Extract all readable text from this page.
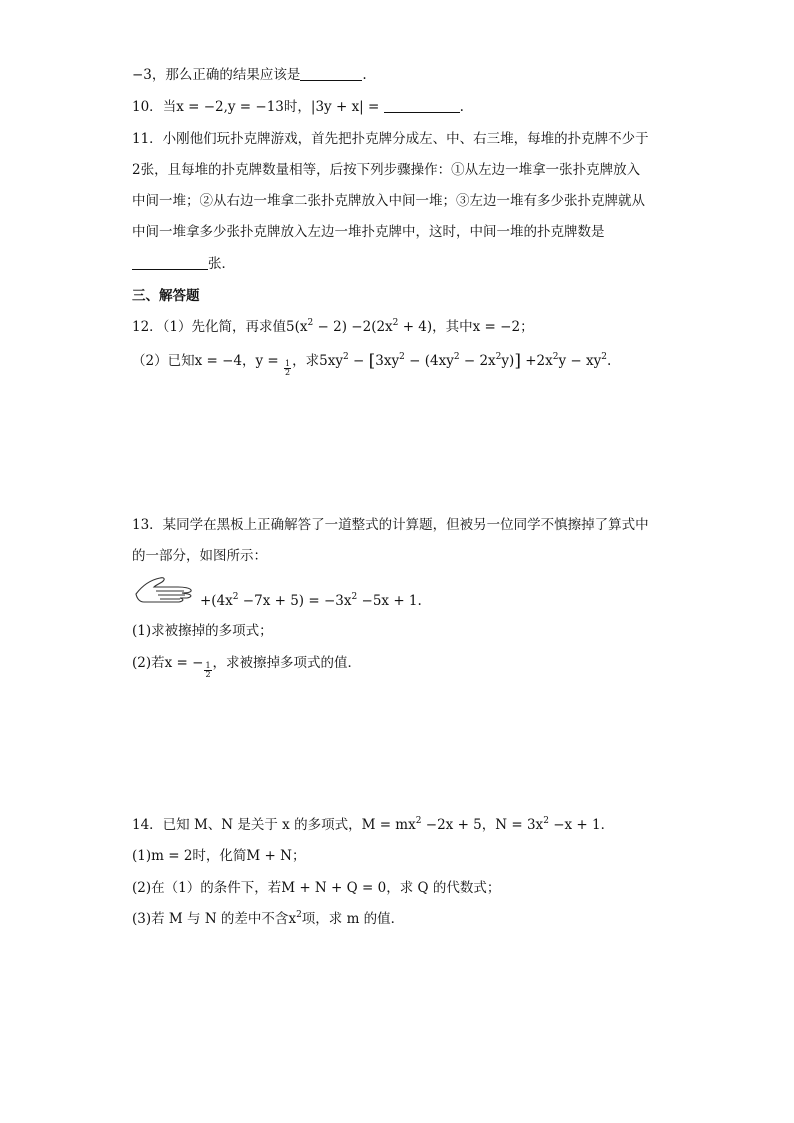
−3，那么正确的结果应该是	.
10．当x = −2,y = −13时，|3y + x| =	.
11．小刚他们玩扑克牌游戏，首先把扑克牌分成左、中、右三堆，每堆的扑克牌不少于
2张，且每堆的扑克牌数量相等，后按下列步骤操作：①从左边一堆拿一张扑克牌放入
中间一堆；②从右边一堆拿二张扑克牌放入中间一堆；③左边一堆有多少张扑克牌就从
中间一堆拿多少张扑克牌放入左边一堆扑克牌中，这时，中间一堆的扑克牌数是
张．
三、解答题
12．（1）先化简，再求值$5(x^2 - 2) -2(2x^2 + 4)$，其中x = −2；
（2）已知x = −4，$y = \frac{1}{2}$ ，求$5xy^2 - [3xy^2 - (4xy^2 - 2x^2y)] +2x^2y - xy^2$.
13．某同学在黑板上正确解答了一道整式的计算题，但被另一位同学不慎擦掉了算式中
的一部分，如图所示：
$+(4x^2 -7x + 5) = -3x^2 -5x + 1$.
(1)求被擦掉的多项式；
(2)若x = − $\frac{1}{2}$ ，求被擦掉多项式的值．
14．已知 M、N 是关于 x 的多项式，$M = mx^2 -2x + 5$，$N = 3x^2 -x + 1$．
(1)m = 2时，化简M + N；
(2)在（1）的条件下，若M + N + Q = 0，求 Q 的代数式；
(3)若 M 与 N 的差中不含$x^2$项，求 m 的值．
